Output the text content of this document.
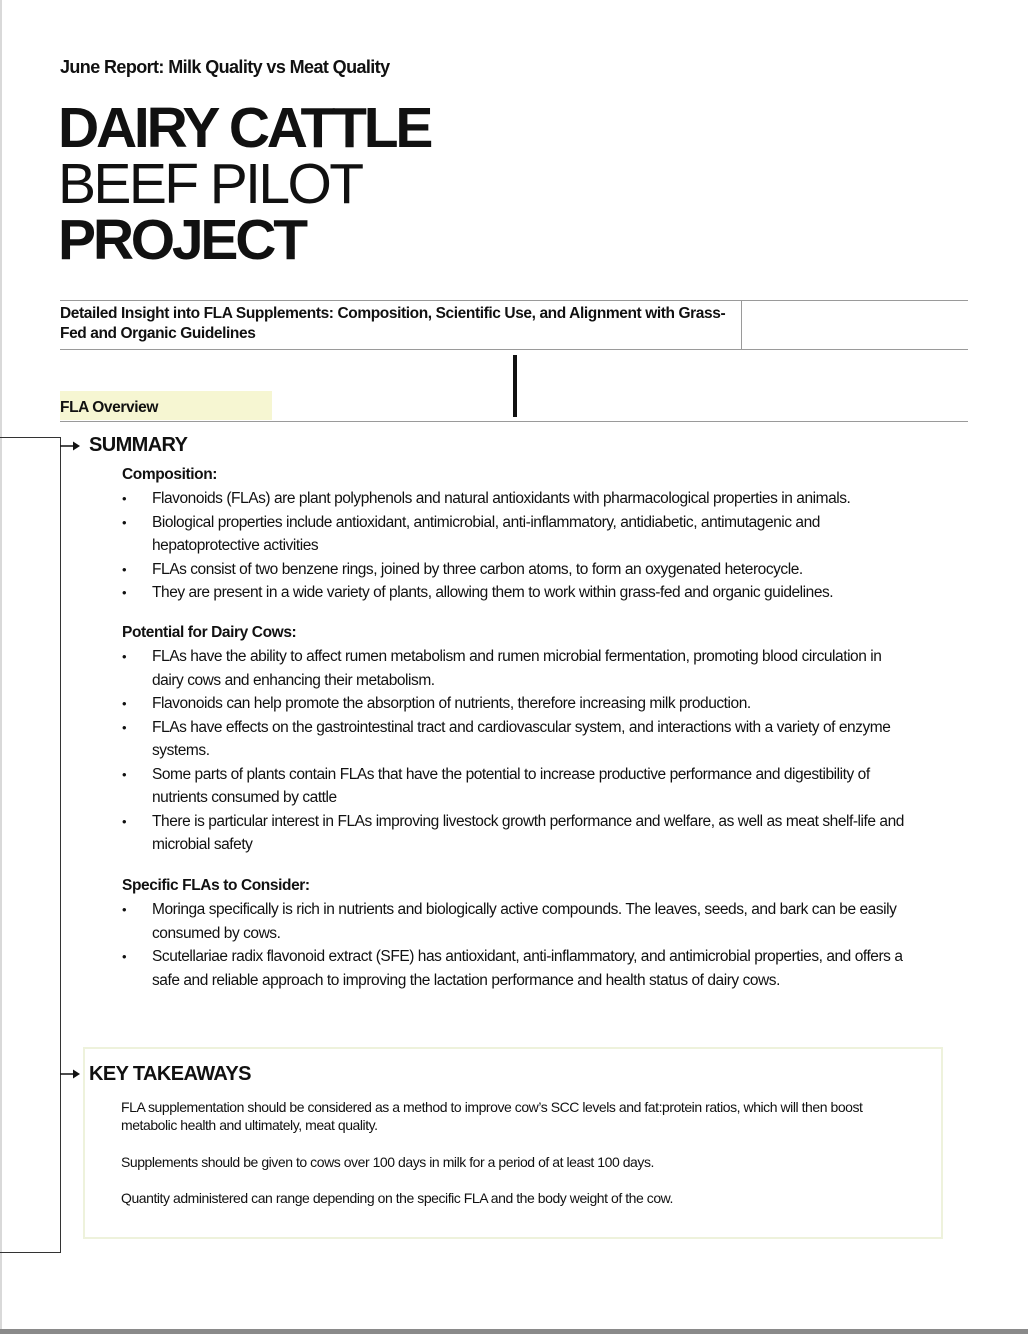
June Report: Milk Quality vs Meat Quality
DAIRY CATTLE
BEEF PILOT
PROJECT
Detailed Insight into FLA Supplements: Composition, Scientific Use, and Alignment with Grass-Fed and Organic Guidelines
FLA Overview
SUMMARY
Composition:
• Flavonoids (FLAs) are plant polyphenols and natural antioxidants with pharmacological properties in animals.
• Biological properties include antioxidant, antimicrobial, anti-inflammatory, antidiabetic, antimutagenic and hepatoprotective activities
• FLAs consist of two benzene rings, joined by three carbon atoms, to form an oxygenated heterocycle.
• They are present in a wide variety of plants, allowing them to work within grass-fed and organic guidelines.
Potential for Dairy Cows:
• FLAs have the ability to affect rumen metabolism and rumen microbial fermentation, promoting blood circulation in dairy cows and enhancing their metabolism.
• Flavonoids can help promote the absorption of nutrients, therefore increasing milk production.
• FLAs have effects on the gastrointestinal tract and cardiovascular system, and interactions with a variety of enzyme systems.
• Some parts of plants contain FLAs that have the potential to increase productive performance and digestibility of nutrients consumed by cattle
• There is particular interest in FLAs improving livestock growth performance and welfare, as well as meat shelf-life and microbial safety
Specific FLAs to Consider:
• Moringa specifically is rich in nutrients and biologically active compounds. The leaves, seeds, and bark can be easily consumed by cows.
• Scutellariae radix flavonoid extract (SFE) has antioxidant, anti-inflammatory, and antimicrobial properties, and offers a safe and reliable approach to improving the lactation performance and health status of dairy cows.
KEY TAKEAWAYS
FLA supplementation should be considered as a method to improve cow’s SCC levels and fat:protein ratios, which will then boost metabolic health and ultimately, meat quality.
Supplements should be given to cows over 100 days in milk for a period of at least 100 days.
Quantity administered can range depending on the specific FLA and the body weight of the cow.
